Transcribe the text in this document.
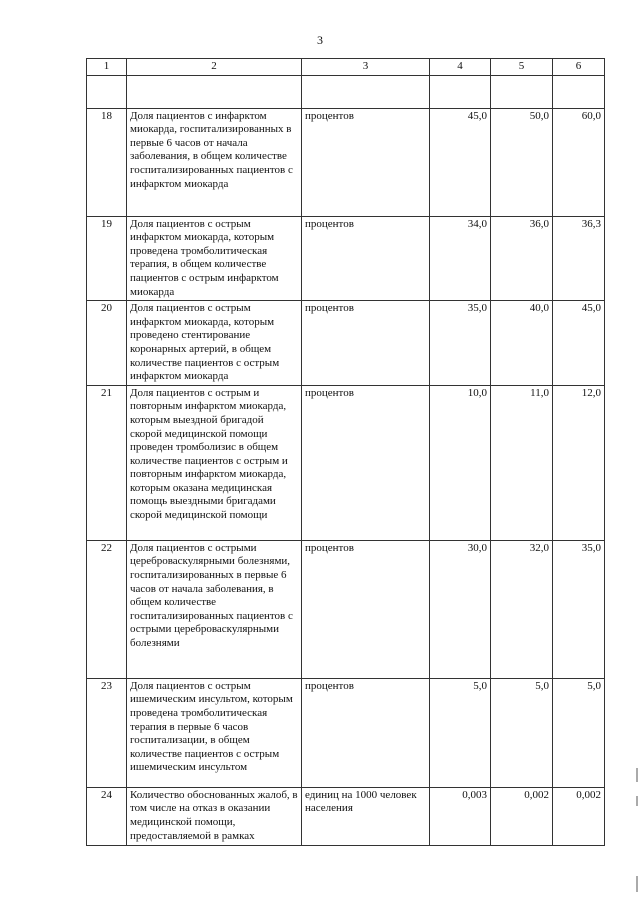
3
1	2	3	4	5	6

18	Доля пациентов с инфарктом миокарда, госпитализированных в первые 6 часов от начала заболевания, в общем количестве госпитализированных пациентов с инфарктом миокарда	процентов	45,0	50,0	60,0
19	Доля пациентов с острым инфарктом миокарда, которым проведена тромболитическая терапия, в общем количестве пациентов с острым инфарктом миокарда	процентов	34,0	36,0	36,3
20	Доля пациентов с острым инфарктом миокарда, которым проведено стентирование коронарных артерий, в общем количестве пациентов с острым инфарктом миокарда	процентов	35,0	40,0	45,0
21	Доля пациентов с острым и повторным инфарктом миокарда, которым выездной бригадой скорой медицинской помощи проведен тромболизис в общем количестве пациентов с острым и повторным инфарктом миокарда, которым оказана медицинская помощь выездными бригадами скорой медицинской помощи	процентов	10,0	11,0	12,0
22	Доля пациентов с острыми цереброваскулярными болезнями, госпитализированных в первые 6 часов от начала заболевания, в общем количестве госпитализированных пациентов с острыми цереброваскулярными болезнями	процентов	30,0	32,0	35,0
23	Доля пациентов с острым ишемическим инсультом, которым проведена тромболитическая терапия в первые 6 часов госпитализации, в общем количестве пациентов с острым ишемическим инсультом	процентов	5,0	5,0	5,0
24	Количество обоснованных жалоб, в том числе на отказ в оказании медицинской помощи, предоставляемой в рамках	единиц на 1000 человек населения	0,003	0,002	0,002
